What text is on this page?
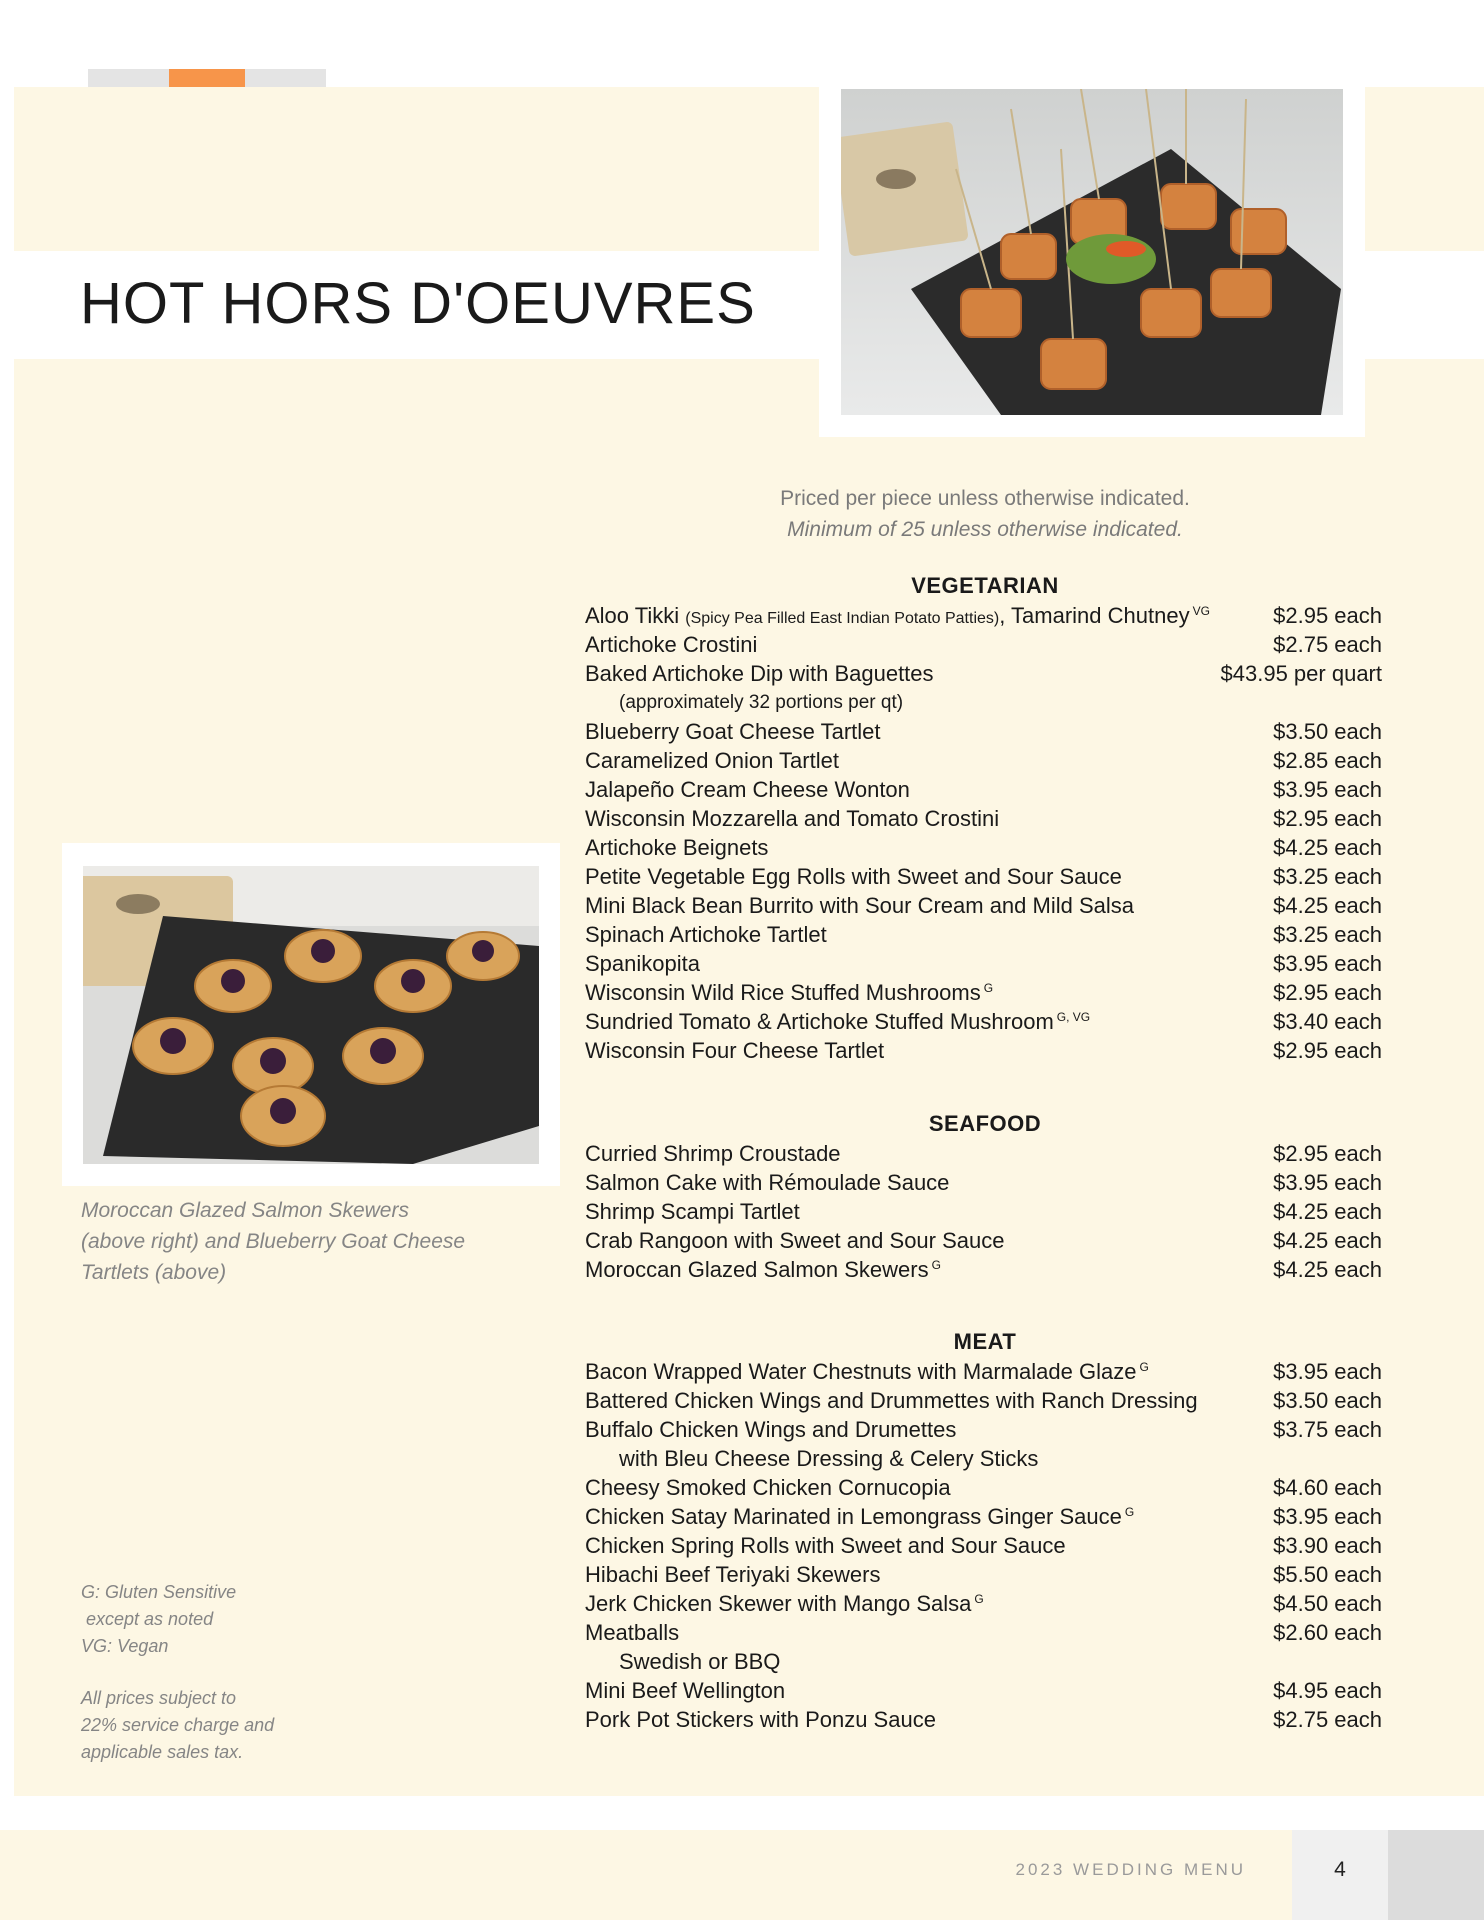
HOT HORS D'OEUVRES
Priced per piece unless otherwise indicated.
Minimum of 25 unless otherwise indicated.
VEGETARIAN
Aloo Tikki (Spicy Pea Filled East Indian Potato Patties), Tamarind Chutney $^{VG}$	$2.95 each
Artichoke Crostini	$2.75 each
Baked Artichoke Dip with Baguettes	$43.95 per quart
(approximately 32 portions per qt)
Blueberry Goat Cheese Tartlet	$3.50 each
Caramelized Onion Tartlet	$2.85 each
Jalapeño Cream Cheese Wonton	$3.95 each
Wisconsin Mozzarella and Tomato Crostini	$2.95 each
Artichoke Beignets	$4.25 each
Petite Vegetable Egg Rolls with Sweet and Sour Sauce	$3.25 each
Mini Black Bean Burrito with Sour Cream and Mild Salsa	$4.25 each
Spinach Artichoke Tartlet	$3.25 each
Spanikopita	$3.95 each
Wisconsin Wild Rice Stuffed Mushrooms $^G$	$2.95 each
Sundried Tomato & Artichoke Stuffed Mushroom $^{G, VG}$	$3.40 each
Wisconsin Four Cheese Tartlet	$2.95 each
SEAFOOD
Curried Shrimp Croustade	$2.95 each
Salmon Cake with Rémoulade Sauce	$3.95 each
Shrimp Scampi Tartlet	$4.25 each
Crab Rangoon with Sweet and Sour Sauce	$4.25 each
Moroccan Glazed Salmon Skewers $^G$	$4.25 each
MEAT
Bacon Wrapped Water Chestnuts with Marmalade Glaze $^G$	$3.95 each
Battered Chicken Wings and Drummettes with Ranch Dressing	$3.50 each
Buffalo Chicken Wings and Drumettes	$3.75 each
with Bleu Cheese Dressing & Celery Sticks
Cheesy Smoked Chicken Cornucopia	$4.60 each
Chicken Satay Marinated in Lemongrass Ginger Sauce $^G$	$3.95 each
Chicken Spring Rolls with Sweet and Sour Sauce	$3.90 each
Hibachi Beef Teriyaki Skewers	$5.50 each
Jerk Chicken Skewer with Mango Salsa $^G$	$4.50 each
Meatballs	$2.60 each
Swedish or BBQ
Mini Beef Wellington	$4.95 each
Pork Pot Stickers with Ponzu Sauce	$2.75 each
Moroccan Glazed Salmon Skewers
(above right) and Blueberry Goat Cheese
Tartlets (above)
G: Gluten Sensitive
except as noted
VG: Vegan
All prices subject to
22% service charge and
applicable sales tax.
2023 WEDDING MENU	4
